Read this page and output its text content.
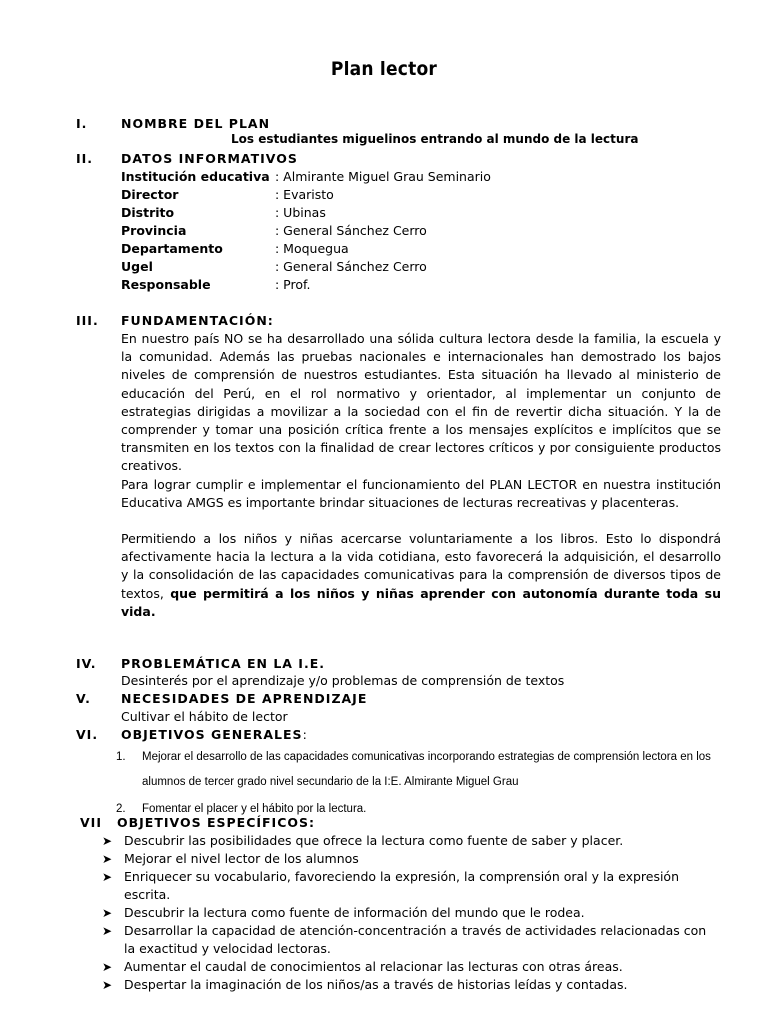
Plan lector
I.	NOMBRE DEL PLAN
Los estudiantes miguelinos entrando al mundo de la lectura
II. DATOS INFORMATIVOS
Institución educativa : Almirante Miguel Grau Seminario
Director	: Evaristo
Distrito	: Ubinas
Provincia	: General Sánchez Cerro
Departamento	: Moquegua
Ugel	: General Sánchez Cerro
Responsable	: Prof.
III. FUNDAMENTACIÓN:

En nuestro país NO se ha desarrollado una sólida cultura lectora desde la familia, la escuela y la comunidad. Además las pruebas nacionales e internacionales han demostrado los bajos niveles de comprensión de nuestros estudiantes. Esta situación ha llevado al ministerio de educación del Perú, en el rol normativo y orientador, al implementar un conjunto de estrategias dirigidas a movilizar a la sociedad con el fin de revertir dicha situación. Y la de comprender y tomar una posición crítica frente a los mensajes explícitos e implícitos que se transmiten en los textos con la finalidad de crear lectores críticos y por consiguiente productos creativos.

Para lograr cumplir e implementar el funcionamiento del PLAN LECTOR en nuestra institución Educativa AMGS es importante brindar situaciones de lecturas recreativas y placenteras.

Permitiendo a los niños y niñas acercarse voluntariamente a los libros. Esto lo dispondrá afectivamente hacia la lectura a la vida cotidiana, esto favorecerá la adquisición, el desarrollo y la consolidación de las capacidades comunicativas para la comprensión de diversos tipos de textos, que permitirá a los niños y niñas aprender con autonomía durante toda su vida.

IV. PROBLEMÁTICA EN LA I.E.
Desinterés por el aprendizaje y/o problemas de comprensión de textos
V. NECESIDADES DE APRENDIZAJE
Cultivar el hábito de lector
VI. OBJETIVOS GENERALES:
1. Mejorar el desarrollo de las capacidades comunicativas incorporando estrategias de comprensión lectora en los alumnos de tercer grado nivel secundario de la I:E. Almirante Miguel Grau
2. Fomentar el placer y el hábito por la lectura.
VII OBJETIVOS ESPECÍFICOS:
➤ Descubrir las posibilidades que ofrece la lectura como fuente de saber y placer.
➤ Mejorar el nivel lector de los alumnos
➤ Enriquecer su vocabulario, favoreciendo la expresión, la comprensión oral y la expresión escrita.
➤ Descubrir la lectura como fuente de información del mundo que le rodea.
➤ Desarrollar la capacidad de atención-concentración a través de actividades relacionadas con la exactitud y velocidad lectoras.
➤ Aumentar el caudal de conocimientos al relacionar las lecturas con otras áreas.
➤ Despertar la imaginación de los niños/as a través de historias leídas y contadas.
